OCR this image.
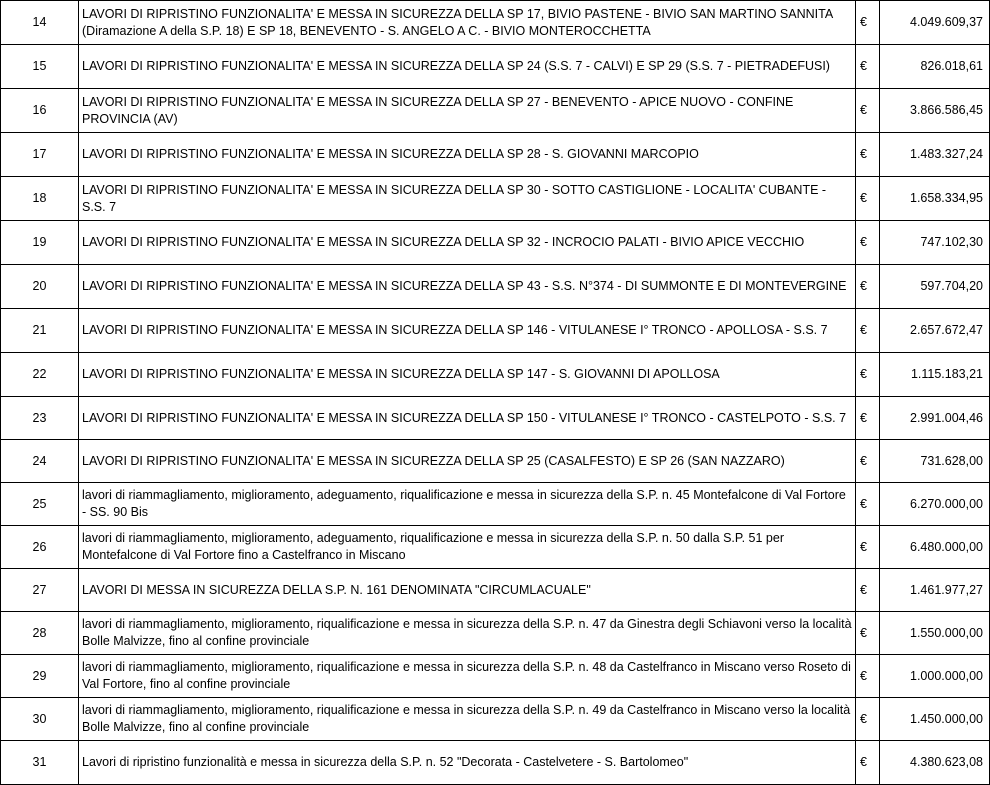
14	LAVORI DI RIPRISTINO FUNZIONALITA' E MESSA IN SICUREZZA DELLA SP 17, BIVIO PASTENE - BIVIO SAN MARTINO SANNITA (Diramazione A della S.P. 18) E SP 18, BENEVENTO - S. ANGELO A C. - BIVIO MONTEROCCHETTA	€	4.049.609,37
15	LAVORI DI RIPRISTINO FUNZIONALITA' E MESSA IN SICUREZZA DELLA SP 24 (S.S. 7 - CALVI) E SP 29 (S.S. 7 - PIETRADEFUSI)	€	826.018,61
16	LAVORI DI RIPRISTINO FUNZIONALITA' E MESSA IN SICUREZZA DELLA SP 27 - BENEVENTO - APICE NUOVO - CONFINE PROVINCIA (AV)	€	3.866.586,45
17	LAVORI DI RIPRISTINO FUNZIONALITA' E MESSA IN SICUREZZA DELLA SP 28 - S. GIOVANNI MARCOPIO	€	1.483.327,24
18	LAVORI DI RIPRISTINO FUNZIONALITA' E MESSA IN SICUREZZA DELLA SP 30 - SOTTO CASTIGLIONE - LOCALITA' CUBANTE - S.S. 7	€	1.658.334,95
19	LAVORI DI RIPRISTINO FUNZIONALITA' E MESSA IN SICUREZZA DELLA SP 32 - INCROCIO PALATI - BIVIO APICE VECCHIO	€	747.102,30
20	LAVORI DI RIPRISTINO FUNZIONALITA' E MESSA IN SICUREZZA DELLA SP 43 - S.S. N°374 - DI SUMMONTE E DI MONTEVERGINE	€	597.704,20
21	LAVORI DI RIPRISTINO FUNZIONALITA' E MESSA IN SICUREZZA DELLA SP 146 - VITULANESE I° TRONCO - APOLLOSA - S.S. 7	€	2.657.672,47
22	LAVORI DI RIPRISTINO FUNZIONALITA' E MESSA IN SICUREZZA DELLA SP 147 - S. GIOVANNI DI APOLLOSA	€	1.115.183,21
23	LAVORI DI RIPRISTINO FUNZIONALITA' E MESSA IN SICUREZZA DELLA SP 150 - VITULANESE I° TRONCO - CASTELPOTO - S.S. 7	€	2.991.004,46
24	LAVORI DI RIPRISTINO FUNZIONALITA' E MESSA IN SICUREZZA DELLA SP 25 (CASALFESTO) E SP 26 (SAN NAZZARO)	€	731.628,00
25	lavori di riammagliamento, miglioramento, adeguamento, riqualificazione e messa in sicurezza della S.P. n. 45 Montefalcone di Val Fortore - SS. 90 Bis	€	6.270.000,00
26	lavori di riammagliamento, miglioramento, adeguamento, riqualificazione e messa in sicurezza della S.P. n. 50 dalla S.P. 51 per Montefalcone di Val Fortore fino a Castelfranco in Miscano	€	6.480.000,00
27	LAVORI DI MESSA IN SICUREZZA DELLA S.P. N. 161 DENOMINATA "CIRCUMLACUALE"	€	1.461.977,27
28	lavori di riammagliamento, miglioramento, riqualificazione e messa in sicurezza della S.P. n. 47 da Ginestra degli Schiavoni verso la località Bolle Malvizze, fino al confine provinciale	€	1.550.000,00
29	lavori di riammagliamento, miglioramento, riqualificazione e messa in sicurezza della S.P. n. 48 da Castelfranco in Miscano verso Roseto di Val Fortore, fino al confine provinciale	€	1.000.000,00
30	lavori di riammagliamento, miglioramento, riqualificazione e messa in sicurezza della S.P. n. 49 da Castelfranco in Miscano verso la località Bolle Malvizze, fino al confine provinciale	€	1.450.000,00
31	Lavori di ripristino funzionalità e messa in sicurezza della S.P. n. 52 "Decorata - Castelvetere - S. Bartolomeo"	€	4.380.623,08
